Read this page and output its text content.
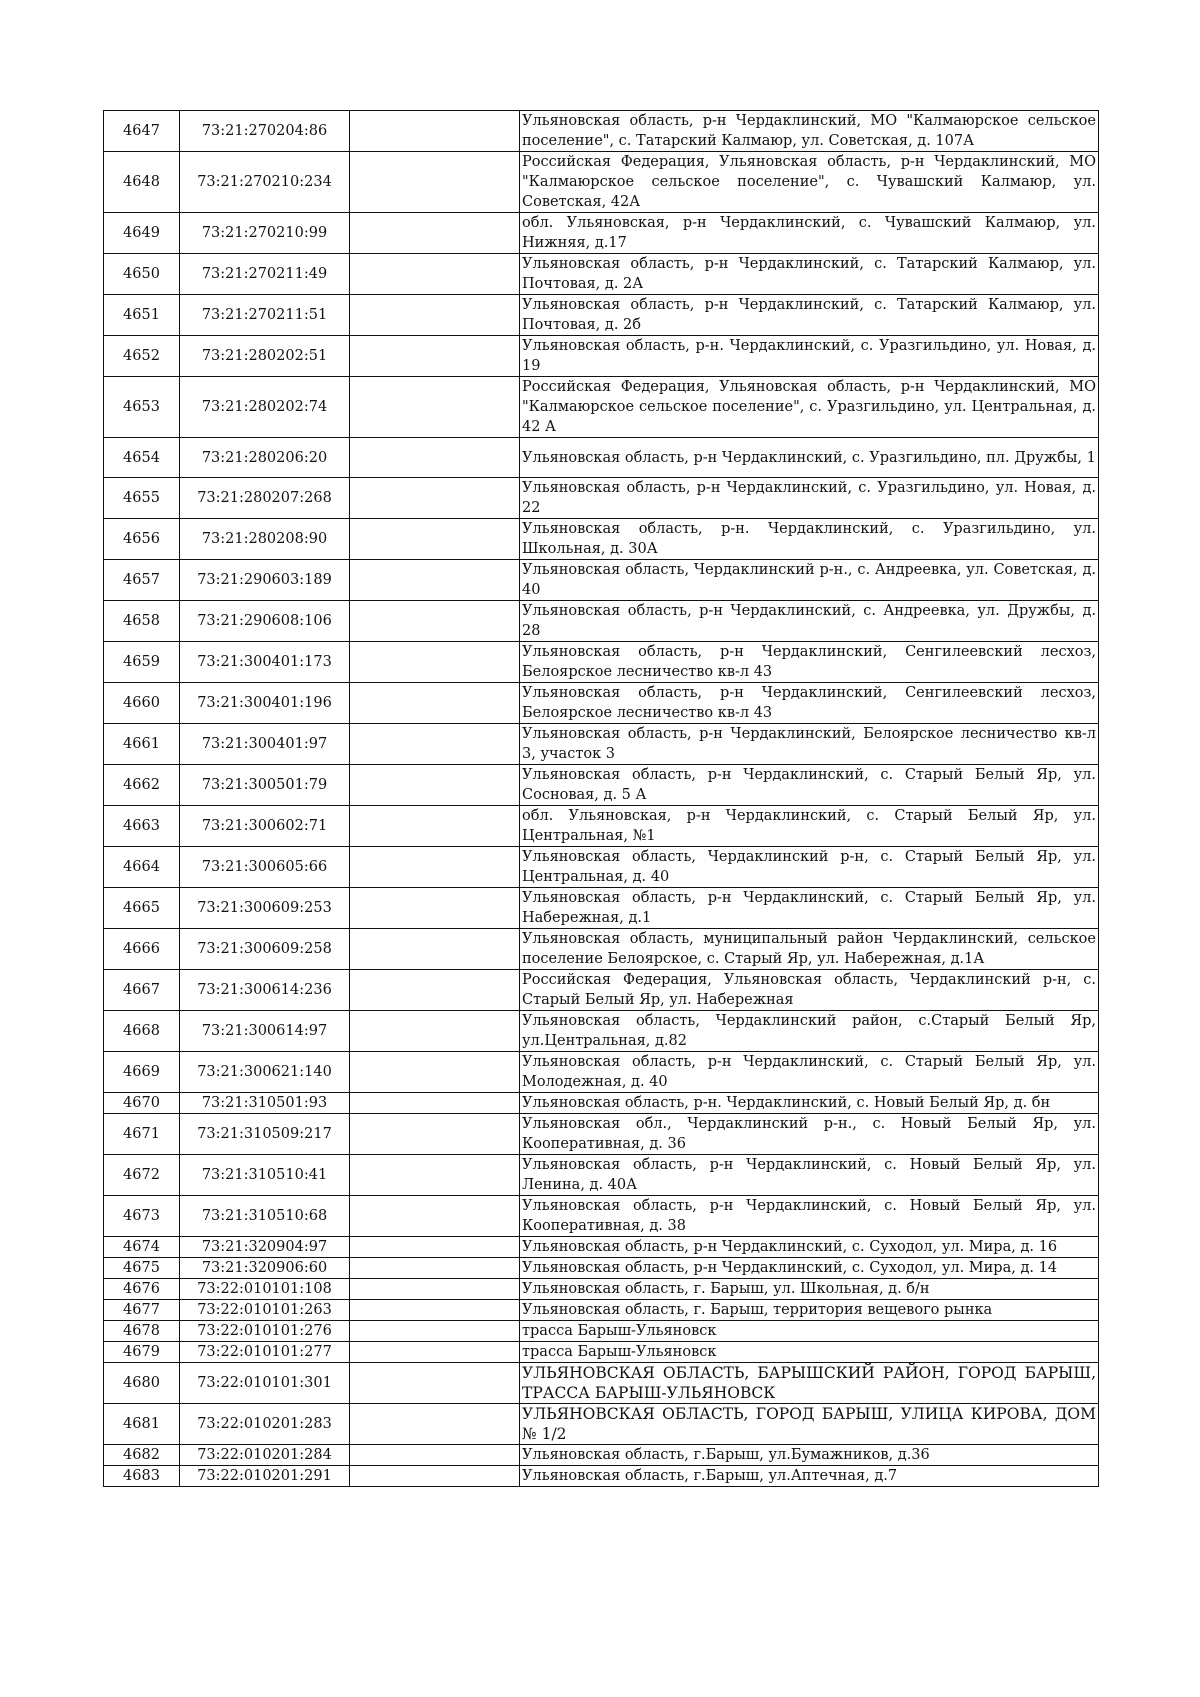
4647	73:21:270204:86		Ульяновская область, р-н Чердаклинский, МО "Калмаюрское сельское поселение", с. Татарский Калмаюр, ул. Советская, д. 107А
4648	73:21:270210:234		Российская Федерация, Ульяновская область, р-н Чердаклинский, МО "Калмаюрское сельское поселение", с. Чувашский Калмаюр, ул. Советская, 42А
4649	73:21:270210:99		обл. Ульяновская, р-н Чердаклинский, с. Чувашский Калмаюр, ул. Нижняя, д.17
4650	73:21:270211:49		Ульяновская область, р-н Чердаклинский, с. Татарский Калмаюр, ул. Почтовая, д. 2А
4651	73:21:270211:51		Ульяновская область, р-н Чердаклинский, с. Татарский Калмаюр, ул. Почтовая, д. 2б
4652	73:21:280202:51		Ульяновская область, р-н. Чердаклинский, с. Уразгильдино, ул. Новая, д. 19
4653	73:21:280202:74		Российская Федерация, Ульяновская область, р-н Чердаклинский, МО "Калмаюрское сельское поселение", с. Уразгильдино, ул. Центральная, д. 42 А
4654	73:21:280206:20		Ульяновская область, р-н Чердаклинский, с. Уразгильдино, пл. Дружбы, 1
4655	73:21:280207:268		Ульяновская область, р-н Чердаклинский, с. Уразгильдино, ул. Новая, д. 22
4656	73:21:280208:90		Ульяновская область, р-н. Чердаклинский, с. Уразгильдино, ул. Школьная, д. 30А
4657	73:21:290603:189		Ульяновская область, Чердаклинский р-н., с. Андреевка, ул. Советская, д. 40
4658	73:21:290608:106		Ульяновская область, р-н Чердаклинский, с. Андреевка, ул. Дружбы, д. 28
4659	73:21:300401:173		Ульяновская область, р-н Чердаклинский, Сенгилеевский лесхоз, Белоярское лесничество кв-л 43
4660	73:21:300401:196		Ульяновская область, р-н Чердаклинский, Сенгилеевский лесхоз, Белоярское лесничество кв-л 43
4661	73:21:300401:97		Ульяновская область, р-н Чердаклинский, Белоярское лесничество кв-л 3, участок 3
4662	73:21:300501:79		Ульяновская область, р-н Чердаклинский, с. Старый Белый Яр, ул. Сосновая, д. 5 А
4663	73:21:300602:71		обл. Ульяновская, р-н Чердаклинский, с. Старый Белый Яр, ул. Центральная, №1
4664	73:21:300605:66		Ульяновская область, Чердаклинский р-н, с. Старый Белый Яр, ул. Центральная, д. 40
4665	73:21:300609:253		Ульяновская область, р-н Чердаклинский, с. Старый Белый Яр, ул. Набережная, д.1
4666	73:21:300609:258		Ульяновская область, муниципальный район Чердаклинский, сельское поселение Белоярское, с. Старый Яр, ул. Набережная, д.1А
4667	73:21:300614:236		Российская Федерация, Ульяновская область, Чердаклинский р-н, с. Старый Белый Яр, ул. Набережная
4668	73:21:300614:97		Ульяновская область, Чердаклинский район, с.Старый Белый Яр, ул.Центральная, д.82
4669	73:21:300621:140		Ульяновская область, р-н Чердаклинский, с. Старый Белый Яр, ул. Молодежная, д. 40
4670	73:21:310501:93		Ульяновская область, р-н. Чердаклинский, с. Новый Белый Яр, д. бн
4671	73:21:310509:217		Ульяновская обл., Чердаклинский р-н., с. Новый Белый Яр, ул. Кооперативная, д. 36
4672	73:21:310510:41		Ульяновская область, р-н Чердаклинский, с. Новый Белый Яр, ул. Ленина, д. 40А
4673	73:21:310510:68		Ульяновская область, р-н Чердаклинский, с. Новый Белый Яр, ул. Кооперативная, д. 38
4674	73:21:320904:97		Ульяновская область, р-н Чердаклинский, с. Суходол, ул. Мира, д. 16
4675	73:21:320906:60		Ульяновская область, р-н Чердаклинский, с. Суходол, ул. Мира, д. 14
4676	73:22:010101:108		Ульяновская область, г. Барыш, ул. Школьная, д. б/н
4677	73:22:010101:263		Ульяновская область, г. Барыш, территория вещевого рынка
4678	73:22:010101:276		трасса Барыш-Ульяновск
4679	73:22:010101:277		трасса Барыш-Ульяновск
4680	73:22:010101:301		УЛЬЯНОВСКАЯ ОБЛАСТЬ, БАРЫШСКИЙ РАЙОН, ГОРОД БАРЫШ, ТРАССА БАРЫШ-УЛЬЯНОВСК
4681	73:22:010201:283		УЛЬЯНОВСКАЯ ОБЛАСТЬ, ГОРОД БАРЫШ, УЛИЦА КИРОВА, ДОМ № 1/2
4682	73:22:010201:284		Ульяновская область, г.Барыш, ул.Бумажников, д.36
4683	73:22:010201:291		Ульяновская область, г.Барыш, ул.Аптечная, д.7
